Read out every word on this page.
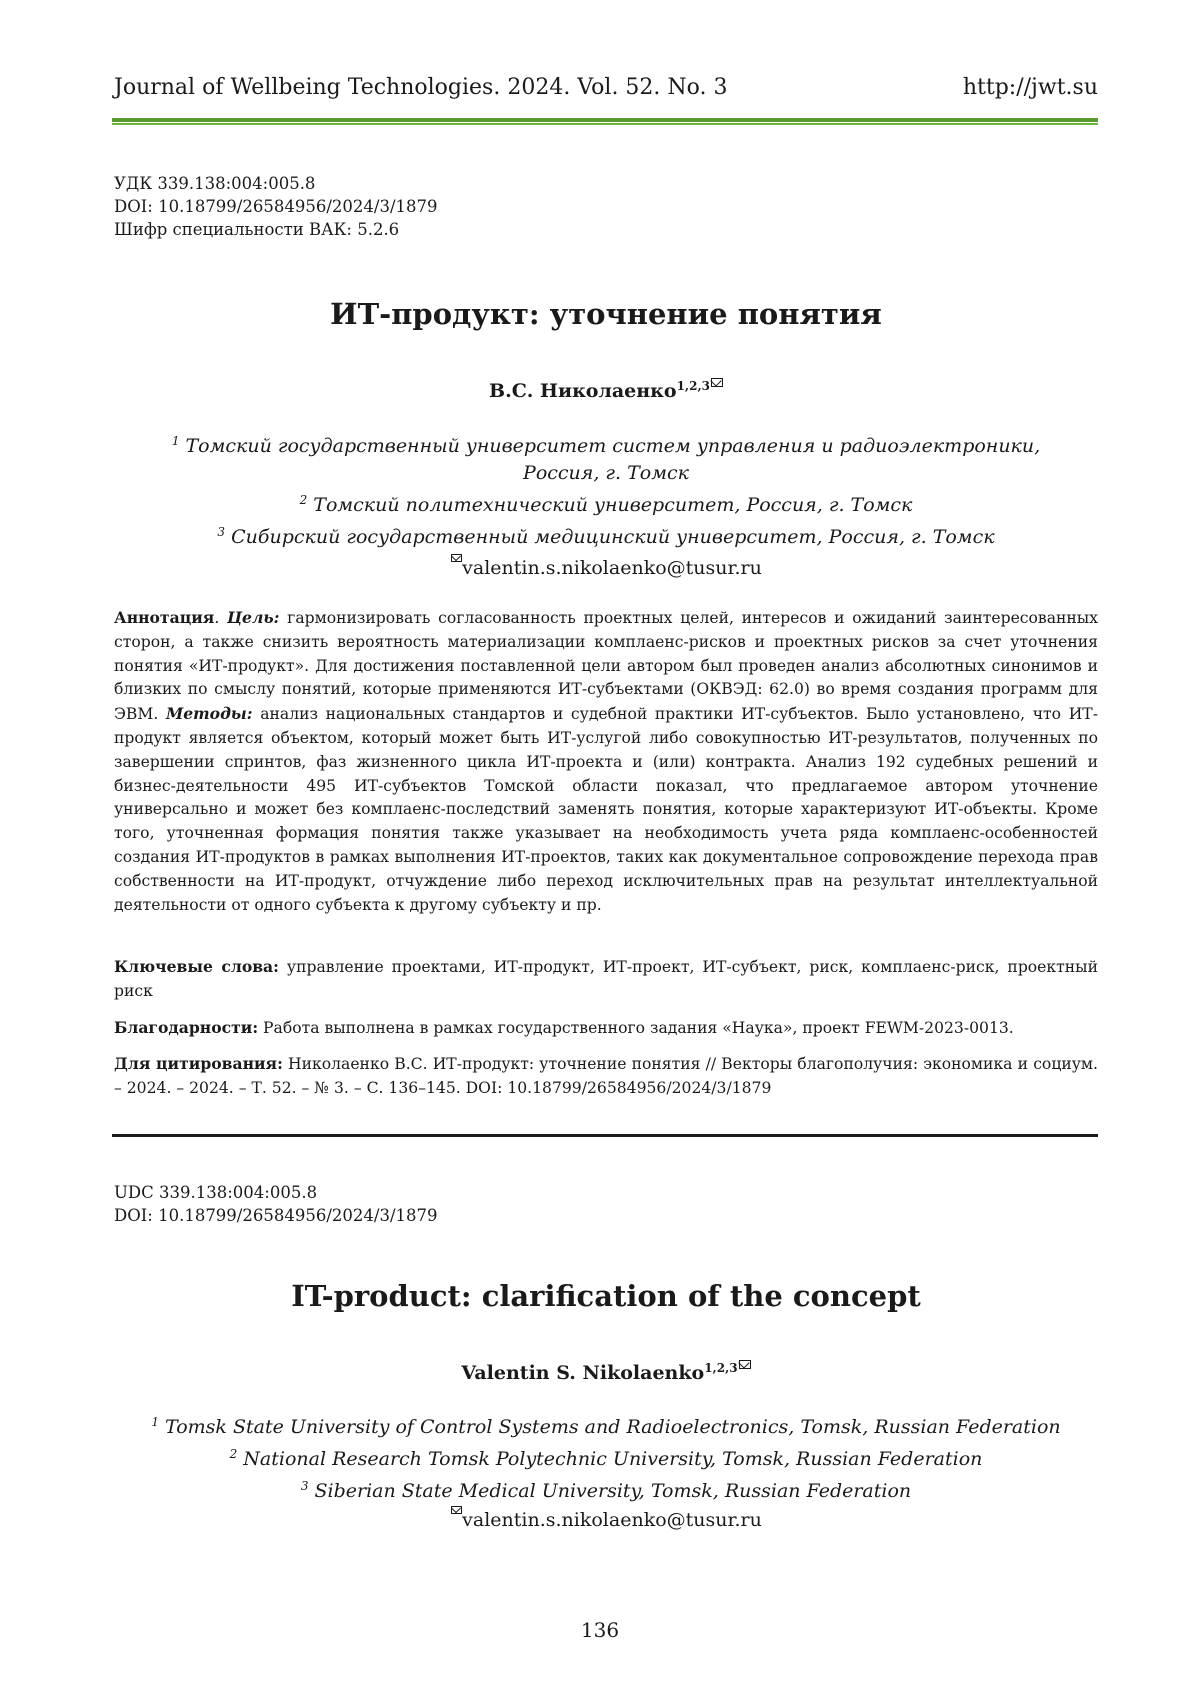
Journal of Wellbeing Technologies. 2024. Vol. 52. No. 3	http://jwt.su
УДК 339.138:004:005.8
DOI: 10.18799/26584956/2024/3/1879
Шифр специальности ВАК: 5.2.6
ИТ-продукт: уточнение понятия
В.С. Николаенко$^{1,2,3}$
$^1$ Томский государственный университет систем управления и радиоэлектроники,
Россия, г. Томск
$^2$ Томский политехнический университет, Россия, г. Томск
$^3$ Сибирский государственный медицинский университет, Россия, г. Томск
valentin.s.nikolaenko@tusur.ru
Аннотация. Цель: гармонизировать согласованность проектных целей, интересов и ожиданий заинтересованных сторон, а также снизить вероятность материализации комплаенс-рисков и проектных рисков за счет уточнения понятия «ИТ-продукт». Для достижения поставленной цели автором был проведен анализ абсолютных синонимов и близких по смыслу понятий, которые применяются ИТ-субъектами (ОКВЭД: 62.0) во время создания программ для ЭВМ. Методы: анализ национальных стандартов и судебной практики ИТ-субъектов. Было установлено, что ИТ-продукт является объектом, который может быть ИТ-услугой либо совокупностью ИТ-результатов, полученных по завершении спринтов, фаз жизненного цикла ИТ-проекта и (или) контракта. Анализ 192 судебных решений и бизнес-деятельности 495 ИТ-субъектов Томской области показал, что предлагаемое автором уточнение универсально и может без комплаенс-последствий заменять понятия, которые характеризуют ИТ-объекты. Кроме того, уточненная формация понятия также указывает на необходимость учета ряда комплаенс-особенностей создания ИТ-продуктов в рамках выполнения ИТ-проектов, таких как документальное сопровождение перехода прав собственности на ИТ-продукт, отчуждение либо переход исключительных прав на результат интеллектуальной деятельности от одного субъекта к другому субъекту и пр.
Ключевые слова: управление проектами, ИТ-продукт, ИТ-проект, ИТ-субъект, риск, комплаенс-риск, проектный риск
Благодарности: Работа выполнена в рамках государственного задания «Наука», проект FEWM-2023-0013.
Для цитирования: Николаенко В.С. ИТ-продукт: уточнение понятия // Векторы благополучия: экономика и социум. – 2024. – 2024. – Т. 52. – № 3. – С. 136–145. DOI: 10.18799/26584956/2024/3/1879
UDC 339.138:004:005.8
DOI: 10.18799/26584956/2024/3/1879
IT-product: clarification of the concept
Valentin S. Nikolaenko$^{1,2,3}$
$^1$ Tomsk State University of Control Systems and Radioelectronics, Tomsk, Russian Federation
$^2$ National Research Tomsk Polytechnic University, Tomsk, Russian Federation
$^3$ Siberian State Medical University, Tomsk, Russian Federation
valentin.s.nikolaenko@tusur.ru
136
